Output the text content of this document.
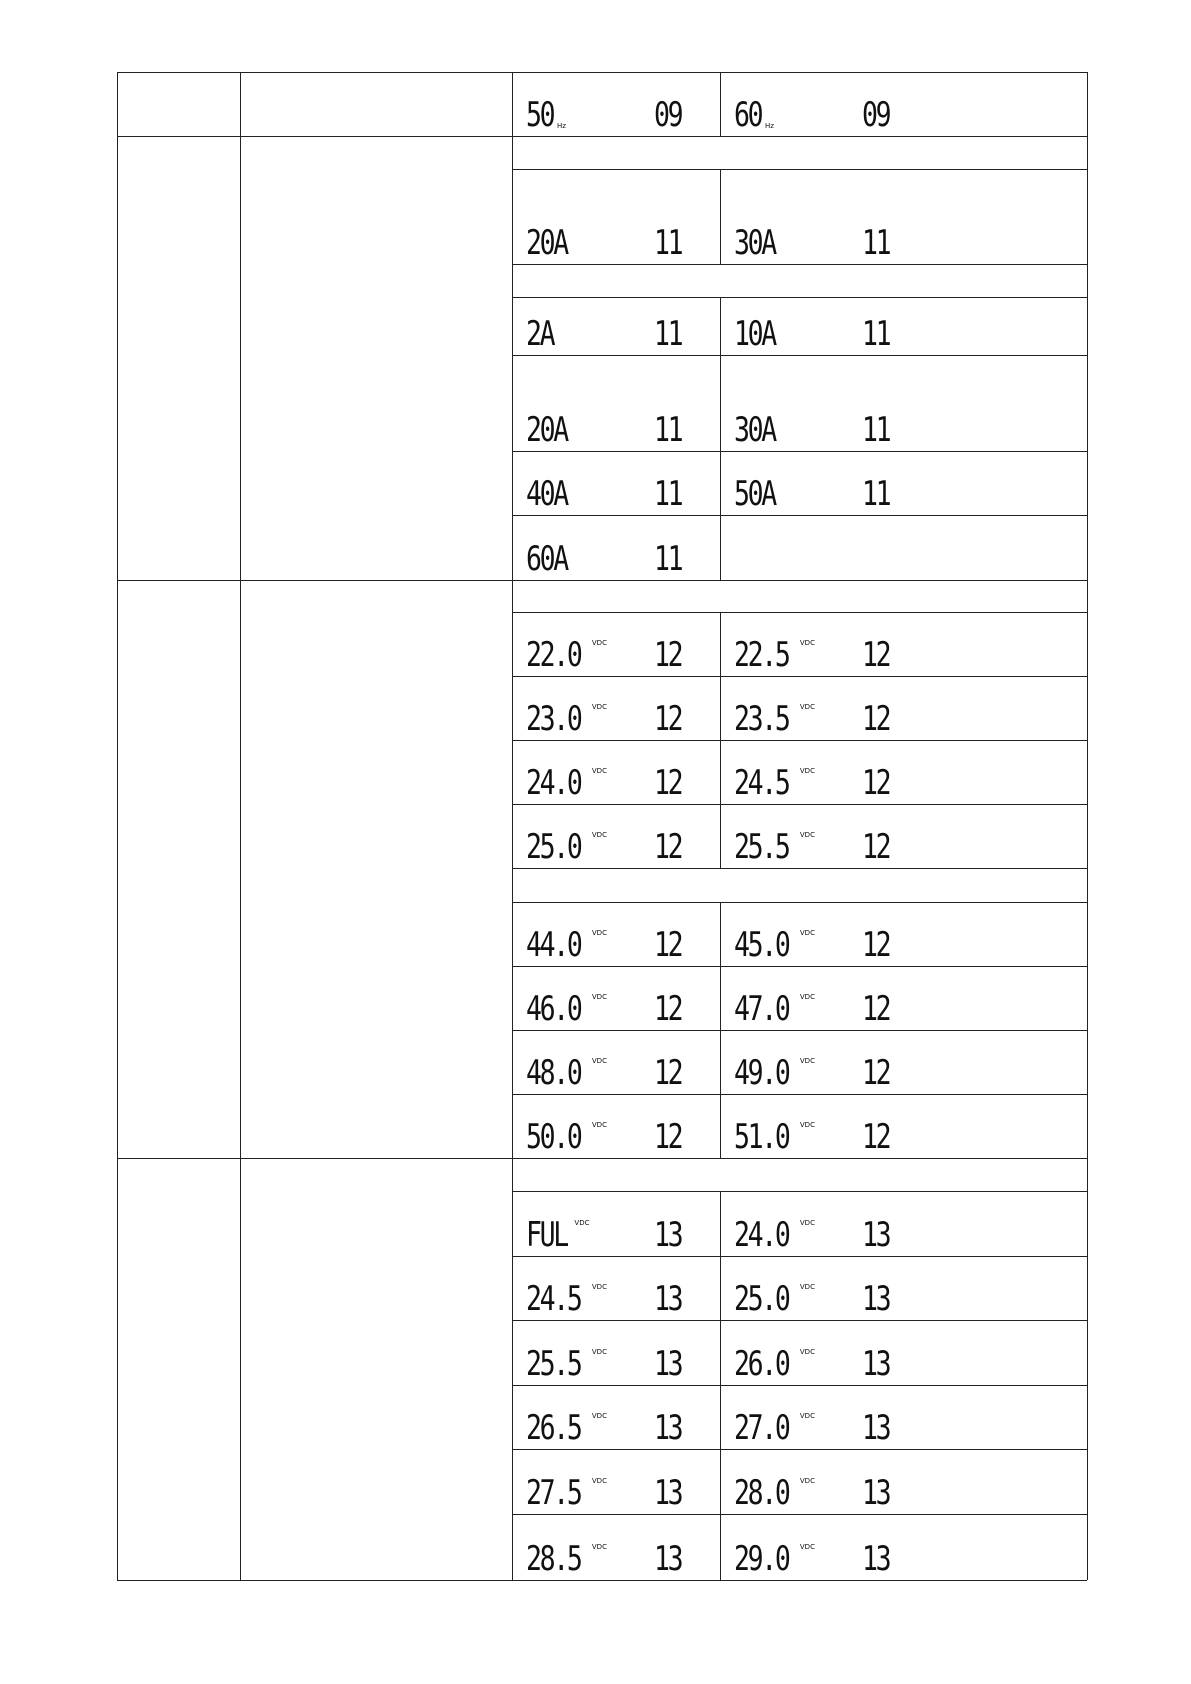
50 Hz	09 60 Hz	09
20A	11 30A	11
2A	11 10A	11
20A	11 30A	11
40A	11 50A	11
60A	11
22.0 VDC 12 22.5 VDC 12
23.0 VDC 12 23.5 VDC 12
24.0 VDC 12 24.5 VDC 12
25.0 VDC 12 25.5 VDC 12
44.0 VDC 12 45.0 VDC 12
46.0 VDC 12 47.0 VDC 12
48.0 VDC 12 49.0 VDC 12
50.0 VDC 12 51.0 VDC 12
FUL VDC 13 24.0 VDC 13
24.5 VDC 13 25.0 VDC 13
25.5 VDC 13 26.0 VDC 13
26.5 VDC 13 27.0 VDC 13
27.5 VDC 13 28.0 VDC 13
28.5 VDC 13 29.0 VDC 13
